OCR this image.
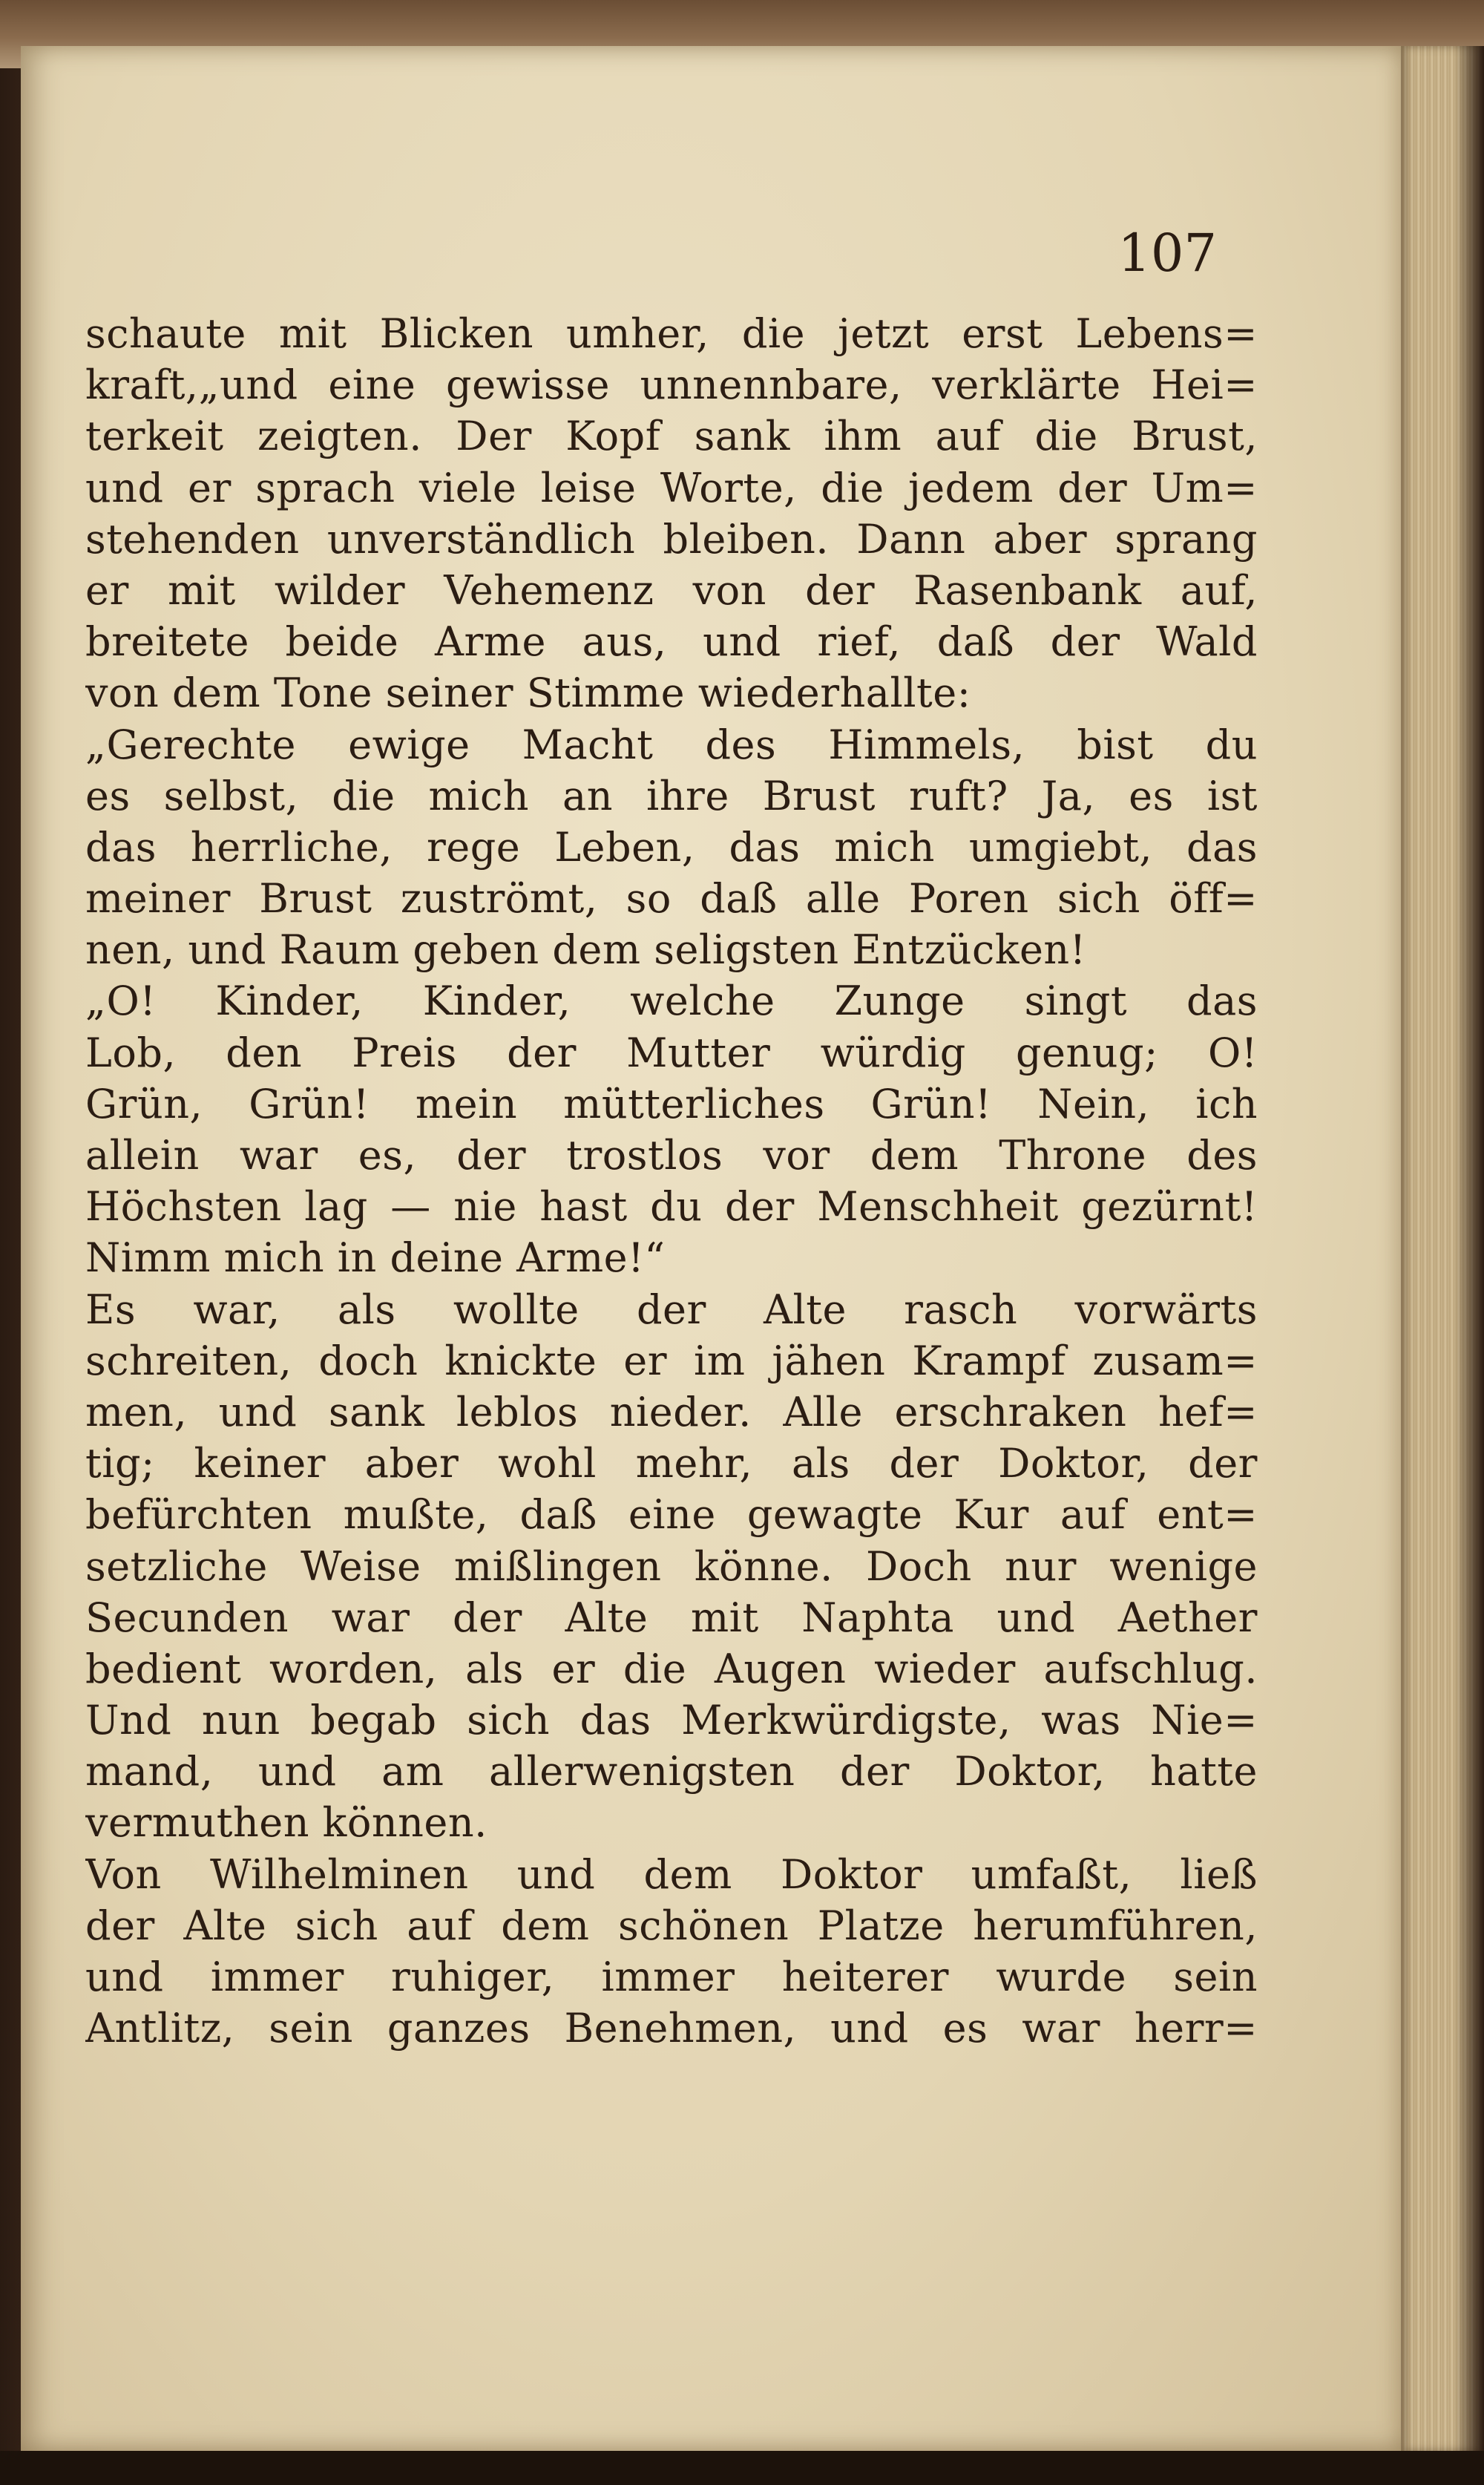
107
schaute mit Blicken umher, die jetzt erst Lebens=
kraft,„und eine gewisse unnennbare, verklärte Hei=
terkeit zeigten. Der Kopf sank ihm auf die Brust,
und er sprach viele leise Worte, die jedem der Um=
stehenden unverständlich bleiben. Dann aber sprang
er mit wilder Vehemenz von der Rasenbank auf,
breitete beide Arme aus, und rief, daß der Wald
von dem Tone seiner Stimme wiederhallte:
„Gerechte ewige Macht des Himmels, bist du
es selbst, die mich an ihre Brust ruft? Ja, es ist
das herrliche, rege Leben, das mich umgiebt, das
meiner Brust zuströmt, so daß alle Poren sich öff=
nen, und Raum geben dem seligsten Entzücken!
„O! Kinder, Kinder, welche Zunge singt das
Lob, den Preis der Mutter würdig genug; O!
Grün, Grün! mein mütterliches Grün! Nein, ich
allein war es, der trostlos vor dem Throne des
Höchsten lag — nie hast du der Menschheit gezürnt!
Nimm mich in deine Arme!“
Es war, als wollte der Alte rasch vorwärts
schreiten, doch knickte er im jähen Krampf zusam=
men, und sank leblos nieder. Alle erschraken hef=
tig; keiner aber wohl mehr, als der Doktor, der
befürchten mußte, daß eine gewagte Kur auf ent=
setzliche Weise mißlingen könne. Doch nur wenige
Secunden war der Alte mit Naphta und Aether
bedient worden, als er die Augen wieder aufschlug.
Und nun begab sich das Merkwürdigste, was Nie=
mand, und am allerwenigsten der Doktor, hatte
vermuthen können.
Von Wilhelminen und dem Doktor umfaßt, ließ
der Alte sich auf dem schönen Platze herumführen,
und immer ruhiger, immer heiterer wurde sein
Antlitz, sein ganzes Benehmen, und es war herr=
